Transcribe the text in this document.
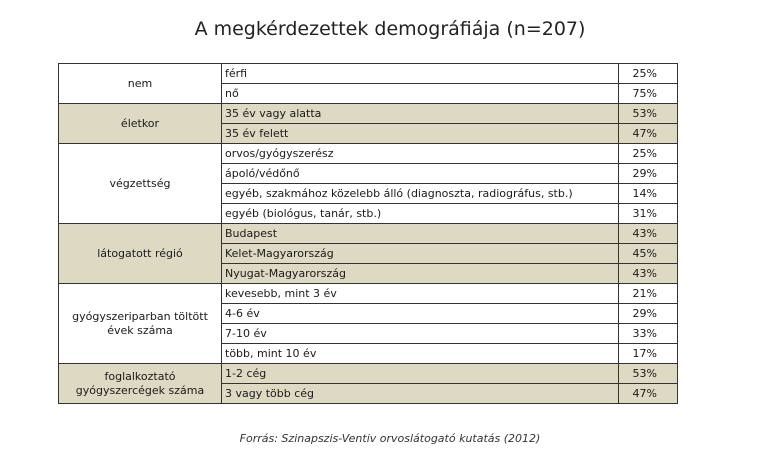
A megkérdezettek demográfiája (n=207)
nem	férfi	25%
	nő	75%
életkor	35 év vagy alatta	53%
	35 év felett	47%
végzettség	orvos/gyógyszerész	25%
	ápoló/védőnő	29%
	egyéb, szakmához közelebb álló (diagnoszta, radiográfus, stb.)	14%
	egyéb (biológus, tanár, stb.)	31%
látogatott régió	Budapest	43%
	Kelet-Magyarország	45%
	Nyugat-Magyarország	43%
gyógyszeriparban töltött évek száma	kevesebb, mint 3 év	21%
	4-6 év	29%
	7-10 év	33%
	több, mint 10 év	17%
foglalkoztató gyógyszercégek száma	1-2 cég	53%
	3 vagy több cég	47%
Forrás: Szinapszis-Ventiv orvoslátogató kutatás (2012)
